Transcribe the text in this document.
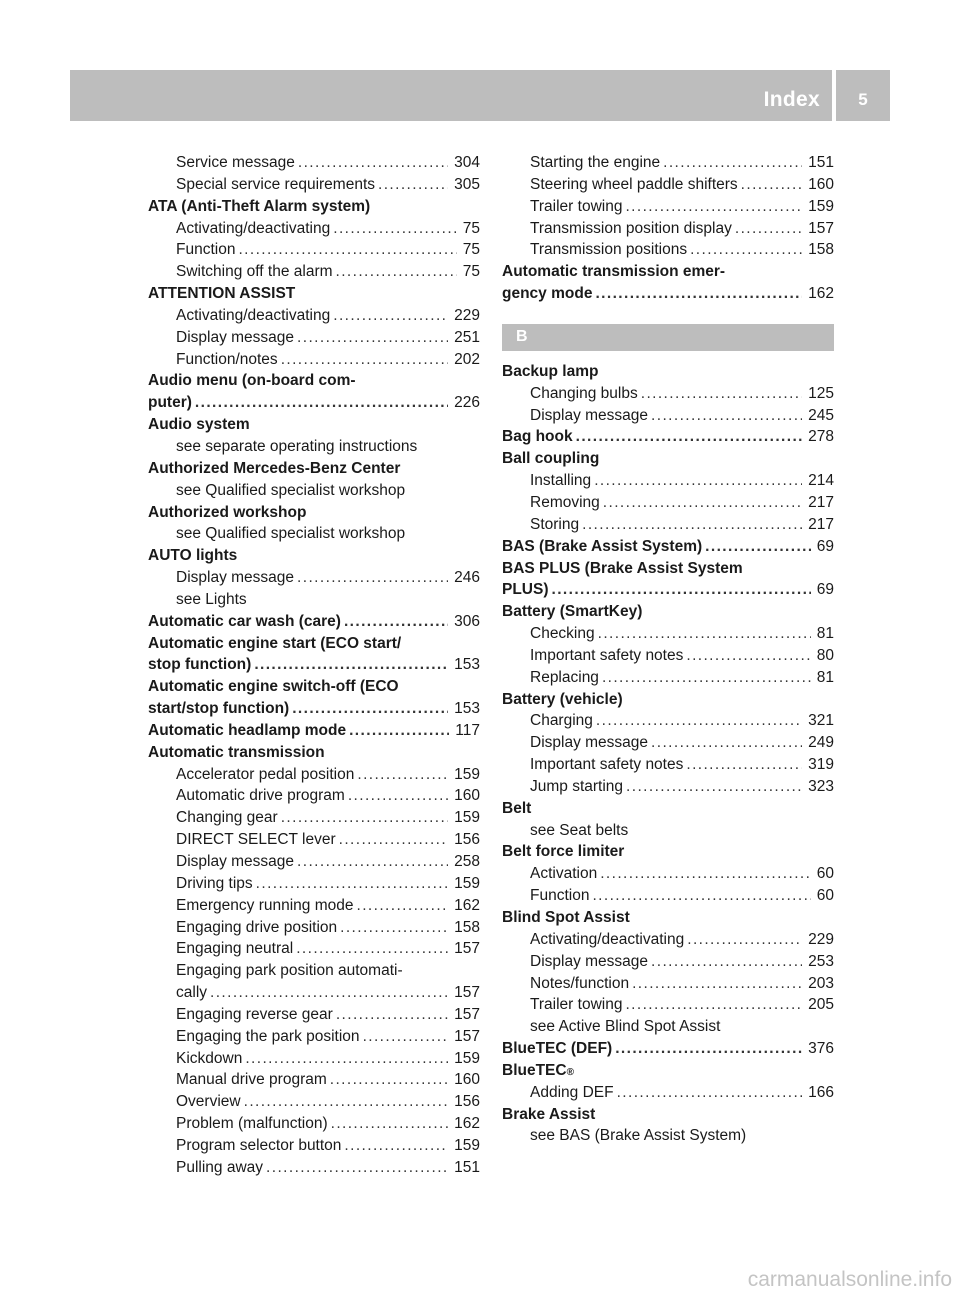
Index	5
Service message .....	304
Special service requirements .....	305
ATA (Anti-Theft Alarm system)
Activating/deactivating .....	75
Function .....	75
Switching off the alarm .....	75
ATTENTION ASSIST
Activating/deactivating .....	229
Display message .....	251
Function/notes .....	202
Audio menu (on-board com-
puter) .....	226
Audio system
see separate operating instructions
Authorized Mercedes-Benz Center
see Qualified specialist workshop
Authorized workshop
see Qualified specialist workshop
AUTO lights
Display message .....	246
see Lights
Automatic car wash (care) .....	306
Automatic engine start (ECO start/
stop function) .....	153
Automatic engine switch-off (ECO
start/stop function) .....	153
Automatic headlamp mode .....	117
Automatic transmission
Accelerator pedal position .....	159
Automatic drive program .....	160
Changing gear .....	159
DIRECT SELECT lever .....	156
Display message .....	258
Driving tips .....	159
Emergency running mode .....	162
Engaging drive position .....	158
Engaging neutral .....	157
Engaging park position automati-
cally .....	157
Engaging reverse gear .....	157
Engaging the park position .....	157
Kickdown .....	159
Manual drive program .....	160
Overview .....	156
Problem (malfunction) .....	162
Program selector button .....	159
Pulling away .....	151
Starting the engine .....	151
Steering wheel paddle shifters .....	160
Trailer towing .....	159
Transmission position display .....	157
Transmission positions .....	158
Automatic transmission emer-
gency mode .....	162
B
Backup lamp
Changing bulbs .....	125
Display message .....	245
Bag hook .....	278
Ball coupling
Installing .....	214
Removing .....	217
Storing .....	217
BAS (Brake Assist System) .....	69
BAS PLUS (Brake Assist System
PLUS) .....	69
Battery (SmartKey)
Checking .....	81
Important safety notes .....	80
Replacing .....	81
Battery (vehicle)
Charging .....	321
Display message .....	249
Important safety notes .....	319
Jump starting .....	323
Belt
see Seat belts
Belt force limiter
Activation .....	60
Function .....	60
Blind Spot Assist
Activating/deactivating .....	229
Display message .....	253
Notes/function .....	203
Trailer towing .....	205
see Active Blind Spot Assist
BlueTEC (DEF) .....	376
BlueTEC ®
Adding DEF .....	166
Brake Assist
see BAS (Brake Assist System)
carmanualsonline.info
